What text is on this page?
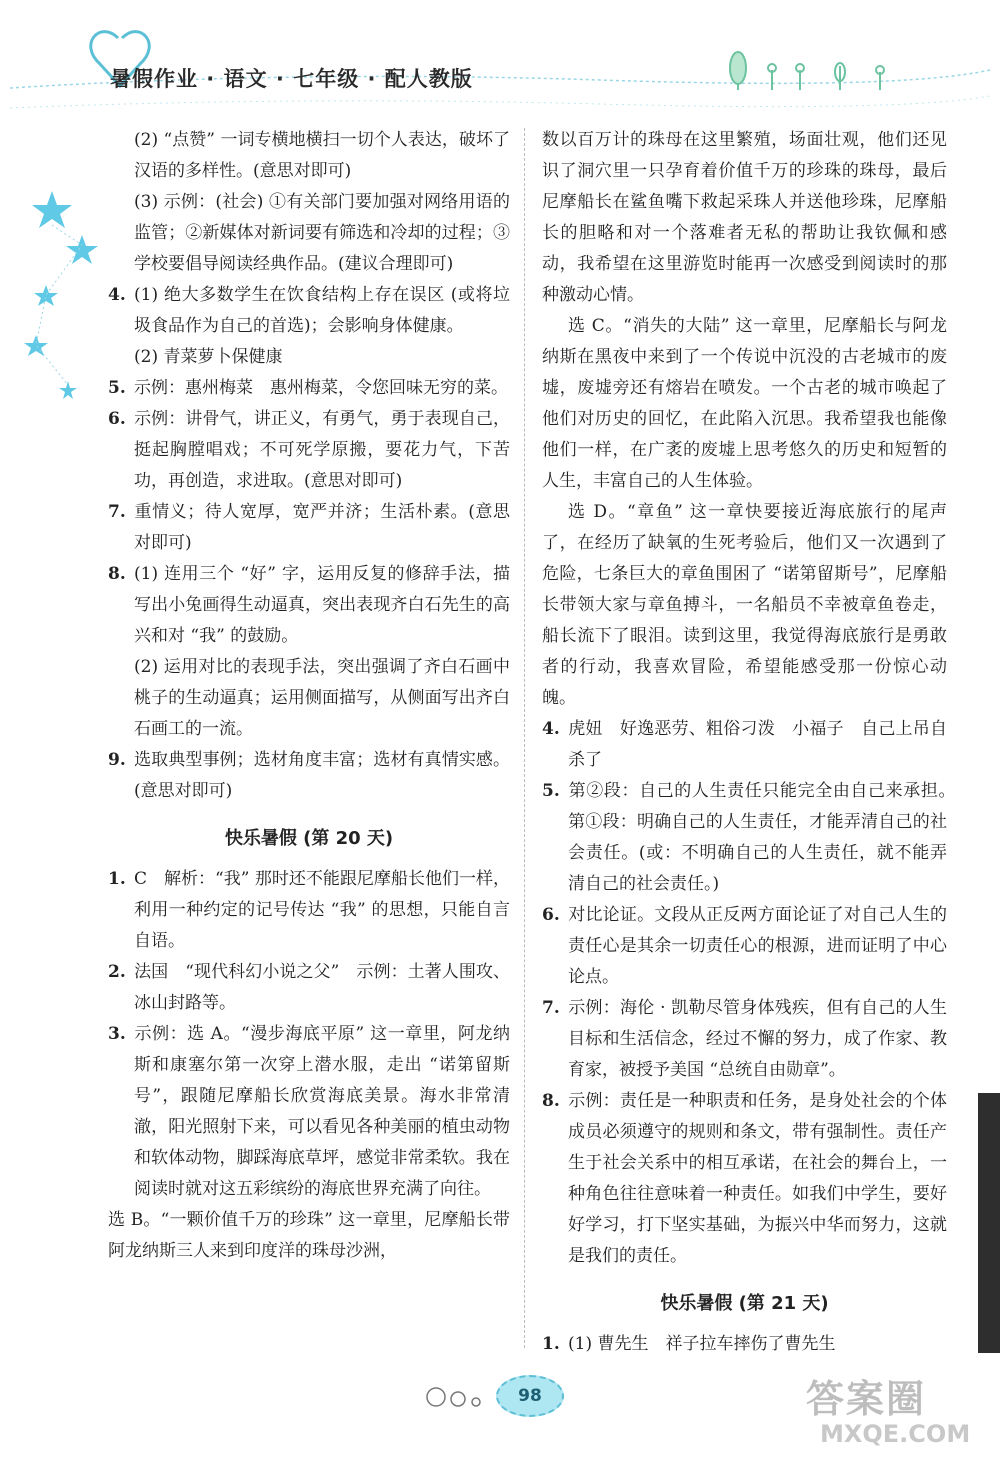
暑假作业 · 语文 · 七年级 · 配人教版

(2) “点赞” 一词专横地横扫一切个人表达，破坏了汉语的多样性。(意思对即可)

(3) 示例：(社会) ①有关部门要加强对网络用语的监管；②新媒体对新词要有筛选和冷却的过程；③学校要倡导阅读经典作品。(建议合理即可)

4. (1) 绝大多数学生在饮食结构上存在误区 (或将垃圾食品作为自己的首选)；会影响身体健康。

(2) 青菜萝卜保健康

5. 示例：惠州梅菜　惠州梅菜，令您回味无穷的菜。

6. 示例：讲骨气，讲正义，有勇气，勇于表现自己，挺起胸膛唱戏；不可死学原搬，要花力气，下苦功，再创造，求进取。(意思对即可)

7. 重情义；待人宽厚，宽严并济；生活朴素。(意思对即可)

8. (1) 连用三个 “好” 字，运用反复的修辞手法，描写出小兔画得生动逼真，突出表现齐白石先生的高兴和对 “我” 的鼓励。

(2) 运用对比的表现手法，突出强调了齐白石画中桃子的生动逼真；运用侧面描写，从侧面写出齐白石画工的一流。

9. 选取典型事例；选材角度丰富；选材有真情实感。(意思对即可)

快乐暑假 (第 20 天)

1. C　解析：“我” 那时还不能跟尼摩船长他们一样，利用一种约定的记号传达 “我” 的思想，只能自言自语。

2. 法国　“现代科幻小说之父”　示例：土著人围攻、冰山封路等。

3. 示例：选 A。“漫步海底平原” 这一章里，阿龙纳斯和康塞尔第一次穿上潜水服，走出 “诺第留斯号”，跟随尼摩船长欣赏海底美景。海水非常清澈，阳光照射下来，可以看见各种美丽的植虫动物和软体动物，脚踩海底草坪，感觉非常柔软。我在阅读时就对这五彩缤纷的海底世界充满了向往。

选 B。“一颗价值千万的珍珠” 这一章里，尼摩船长带阿龙纳斯三人来到印度洋的珠母沙洲，

数以百万计的珠母在这里繁殖，场面壮观，他们还见识了洞穴里一只孕育着价值千万的珍珠的珠母，最后尼摩船长在鲨鱼嘴下救起采珠人并送他珍珠，尼摩船长的胆略和对一个落难者无私的帮助让我钦佩和感动，我希望在这里游览时能再一次感受到阅读时的那种激动心情。

选 C。“消失的大陆” 这一章里，尼摩船长与阿龙纳斯在黑夜中来到了一个传说中沉没的古老城市的废墟，废墟旁还有熔岩在喷发。一个古老的城市唤起了他们对历史的回忆，在此陷入沉思。我希望我也能像他们一样，在广袤的废墟上思考悠久的历史和短暂的人生，丰富自己的人生体验。

选 D。“章鱼” 这一章快要接近海底旅行的尾声了，在经历了缺氧的生死考验后，他们又一次遇到了危险，七条巨大的章鱼围困了 “诺第留斯号”，尼摩船长带领大家与章鱼搏斗，一名船员不幸被章鱼卷走，船长流下了眼泪。读到这里，我觉得海底旅行是勇敢者的行动，我喜欢冒险，希望能感受那一份惊心动魄。

4. 虎妞　好逸恶劳、粗俗刁泼　小福子　自己上吊自杀了

5. 第②段：自己的人生责任只能完全由自己来承担。　第①段：明确自己的人生责任，才能弄清自己的社会责任。(或：不明确自己的人生责任，就不能弄清自己的社会责任。)

6. 对比论证。文段从正反两方面论证了对自己人生的责任心是其余一切责任心的根源，进而证明了中心论点。

7. 示例：海伦 · 凯勒尽管身体残疾，但有自己的人生目标和生活信念，经过不懈的努力，成了作家、教育家，被授予美国 “总统自由勋章”。

8. 示例：责任是一种职责和任务，是身处社会的个体成员必须遵守的规则和条文，带有强制性。责任产生于社会关系中的相互承诺，在社会的舞台上，一种角色往往意味着一种责任。如我们中学生，要好好学习，打下坚实基础，为振兴中华而努力，这就是我们的责任。

快乐暑假 (第 21 天)

1. (1) 曹先生　祥子拉车摔伤了曹先生

98	答案圈
MXQE.COM
